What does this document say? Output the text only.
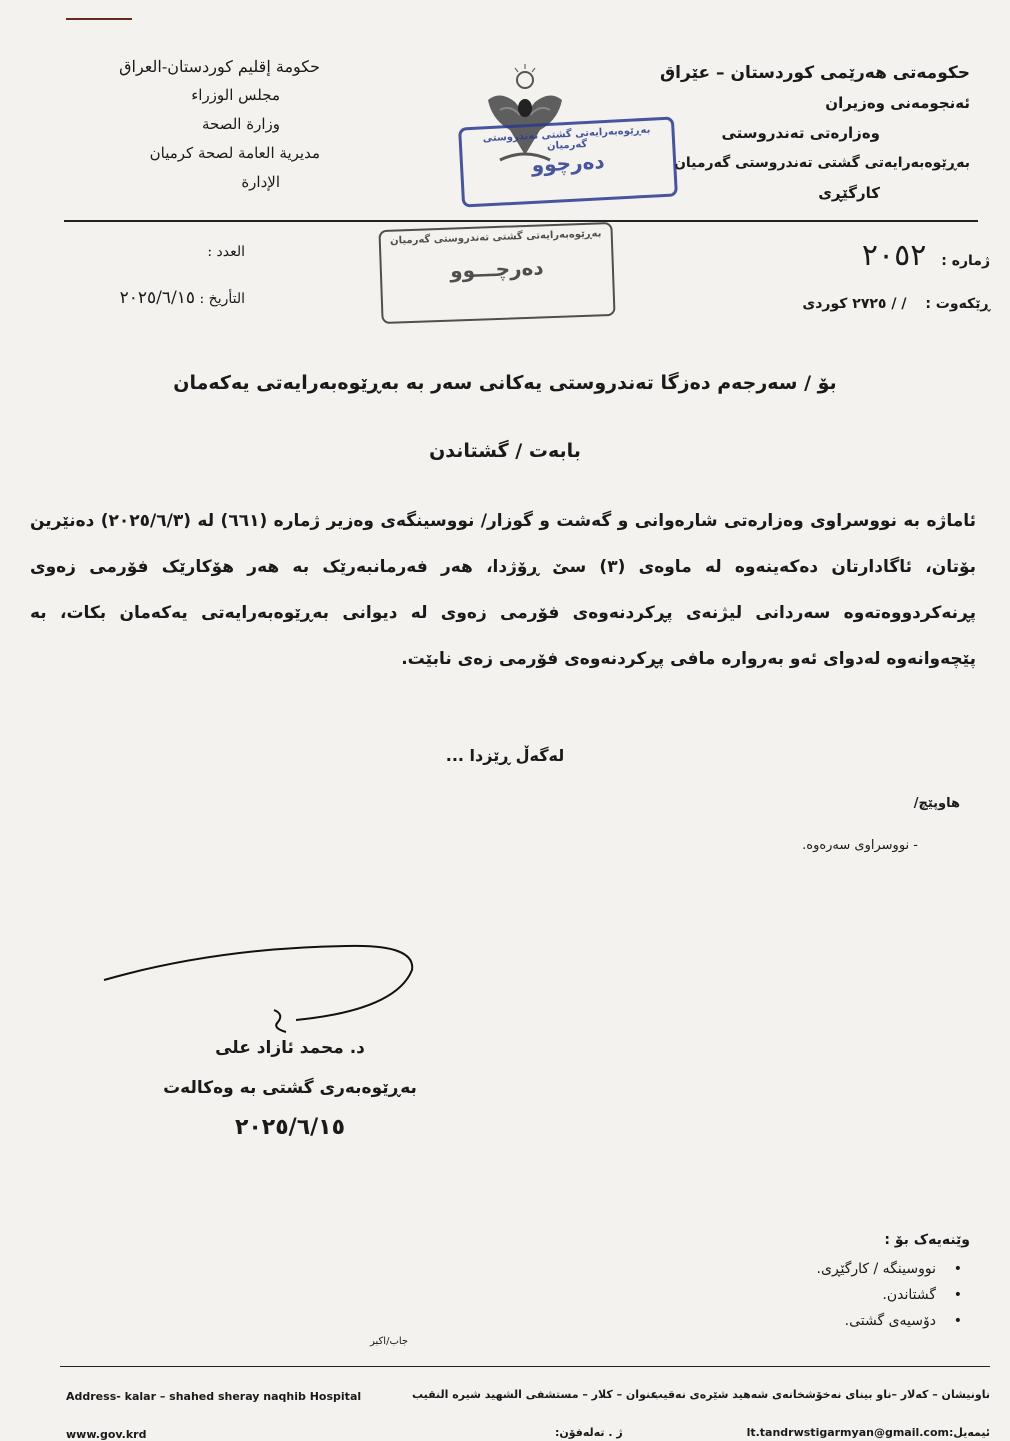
حکومەتی هەرێمی کوردستان – عێراق
ئەنجومەنی وەزیران
وەزارەتی تەندروستی
بەڕێوەبەرایەتی گشتی تەندروستی گەرمیان
کارگێڕی
حكومة إقليم كوردستان-العراق
مجلس الوزراء
وزارة الصحة
مديرية العامة لصحة كرميان
الإدارة
بەڕێوەبەرایەتی گشتی تەندروستی گەرمیان
دەرچوو
بەڕێوەبەرایەتی گشتی تەندروستی گەرمیان
دەرچـــوو	ژمارە : ٢٠٥٢
ڕێکەوت : / / ٢٧٢٥ کوردی
العدد :
التأريخ : ٢٠٢٥/٦/١٥
بۆ / سەرجەم دەزگا تەندروستی یەکانی سەر بە بەڕێوەبەرایەتی یەکەمان
بابەت / گشتاندن
ئاماژە بە نووسراوی وەزارەتی شارەوانی و گەشت و گوزار/ نووسینگەی وەزیر ژمارە (٦٦١) لە (٢٠٢٥/٦/٣) دەنێرین بۆتان، ئاگادارتان دەکەینەوە لە ماوەی (٣) سێ ڕۆژدا، هەر فەرمانبەرێک بە هەر هۆکارێک فۆرمی زەوی پڕنەکردووەتەوە سەردانی لیژنەی پڕکردنەوەی فۆرمی زەوی لە دیوانی بەڕێوەبەرایەتی یەکەمان بکات، بە پێچەوانەوە لەدوای ئەو بەرواره مافی پڕکردنەوەی فۆرمی زەی نابێت.
لەگەڵ ڕێزدا ...
هاوپێچ/
- نووسراوی سەرەوە.
د. محمد ئازاد علی
بەڕێوەبەری گشتی بە وەکالەت
٢٠٢٥/٦/١٥
وێنەیەک بۆ :
• نووسینگە / کارگێڕی.
• گشتاندن.
• دۆسیەی گشتی.
جاب/اكبر
Address- kalar – shahed sheray naqhib Hospital	عنوان – كلار – مستشفى الشهيد شيره النقيب
ناونیشان – کەلار –ناو بینای نەخۆشخانەی شەهید شێرەی نەقیب
www.gov.krd	ژ . تەلەفۆن:	lt.tandrwstigarmyan@gmail.com:ئیمەیل
